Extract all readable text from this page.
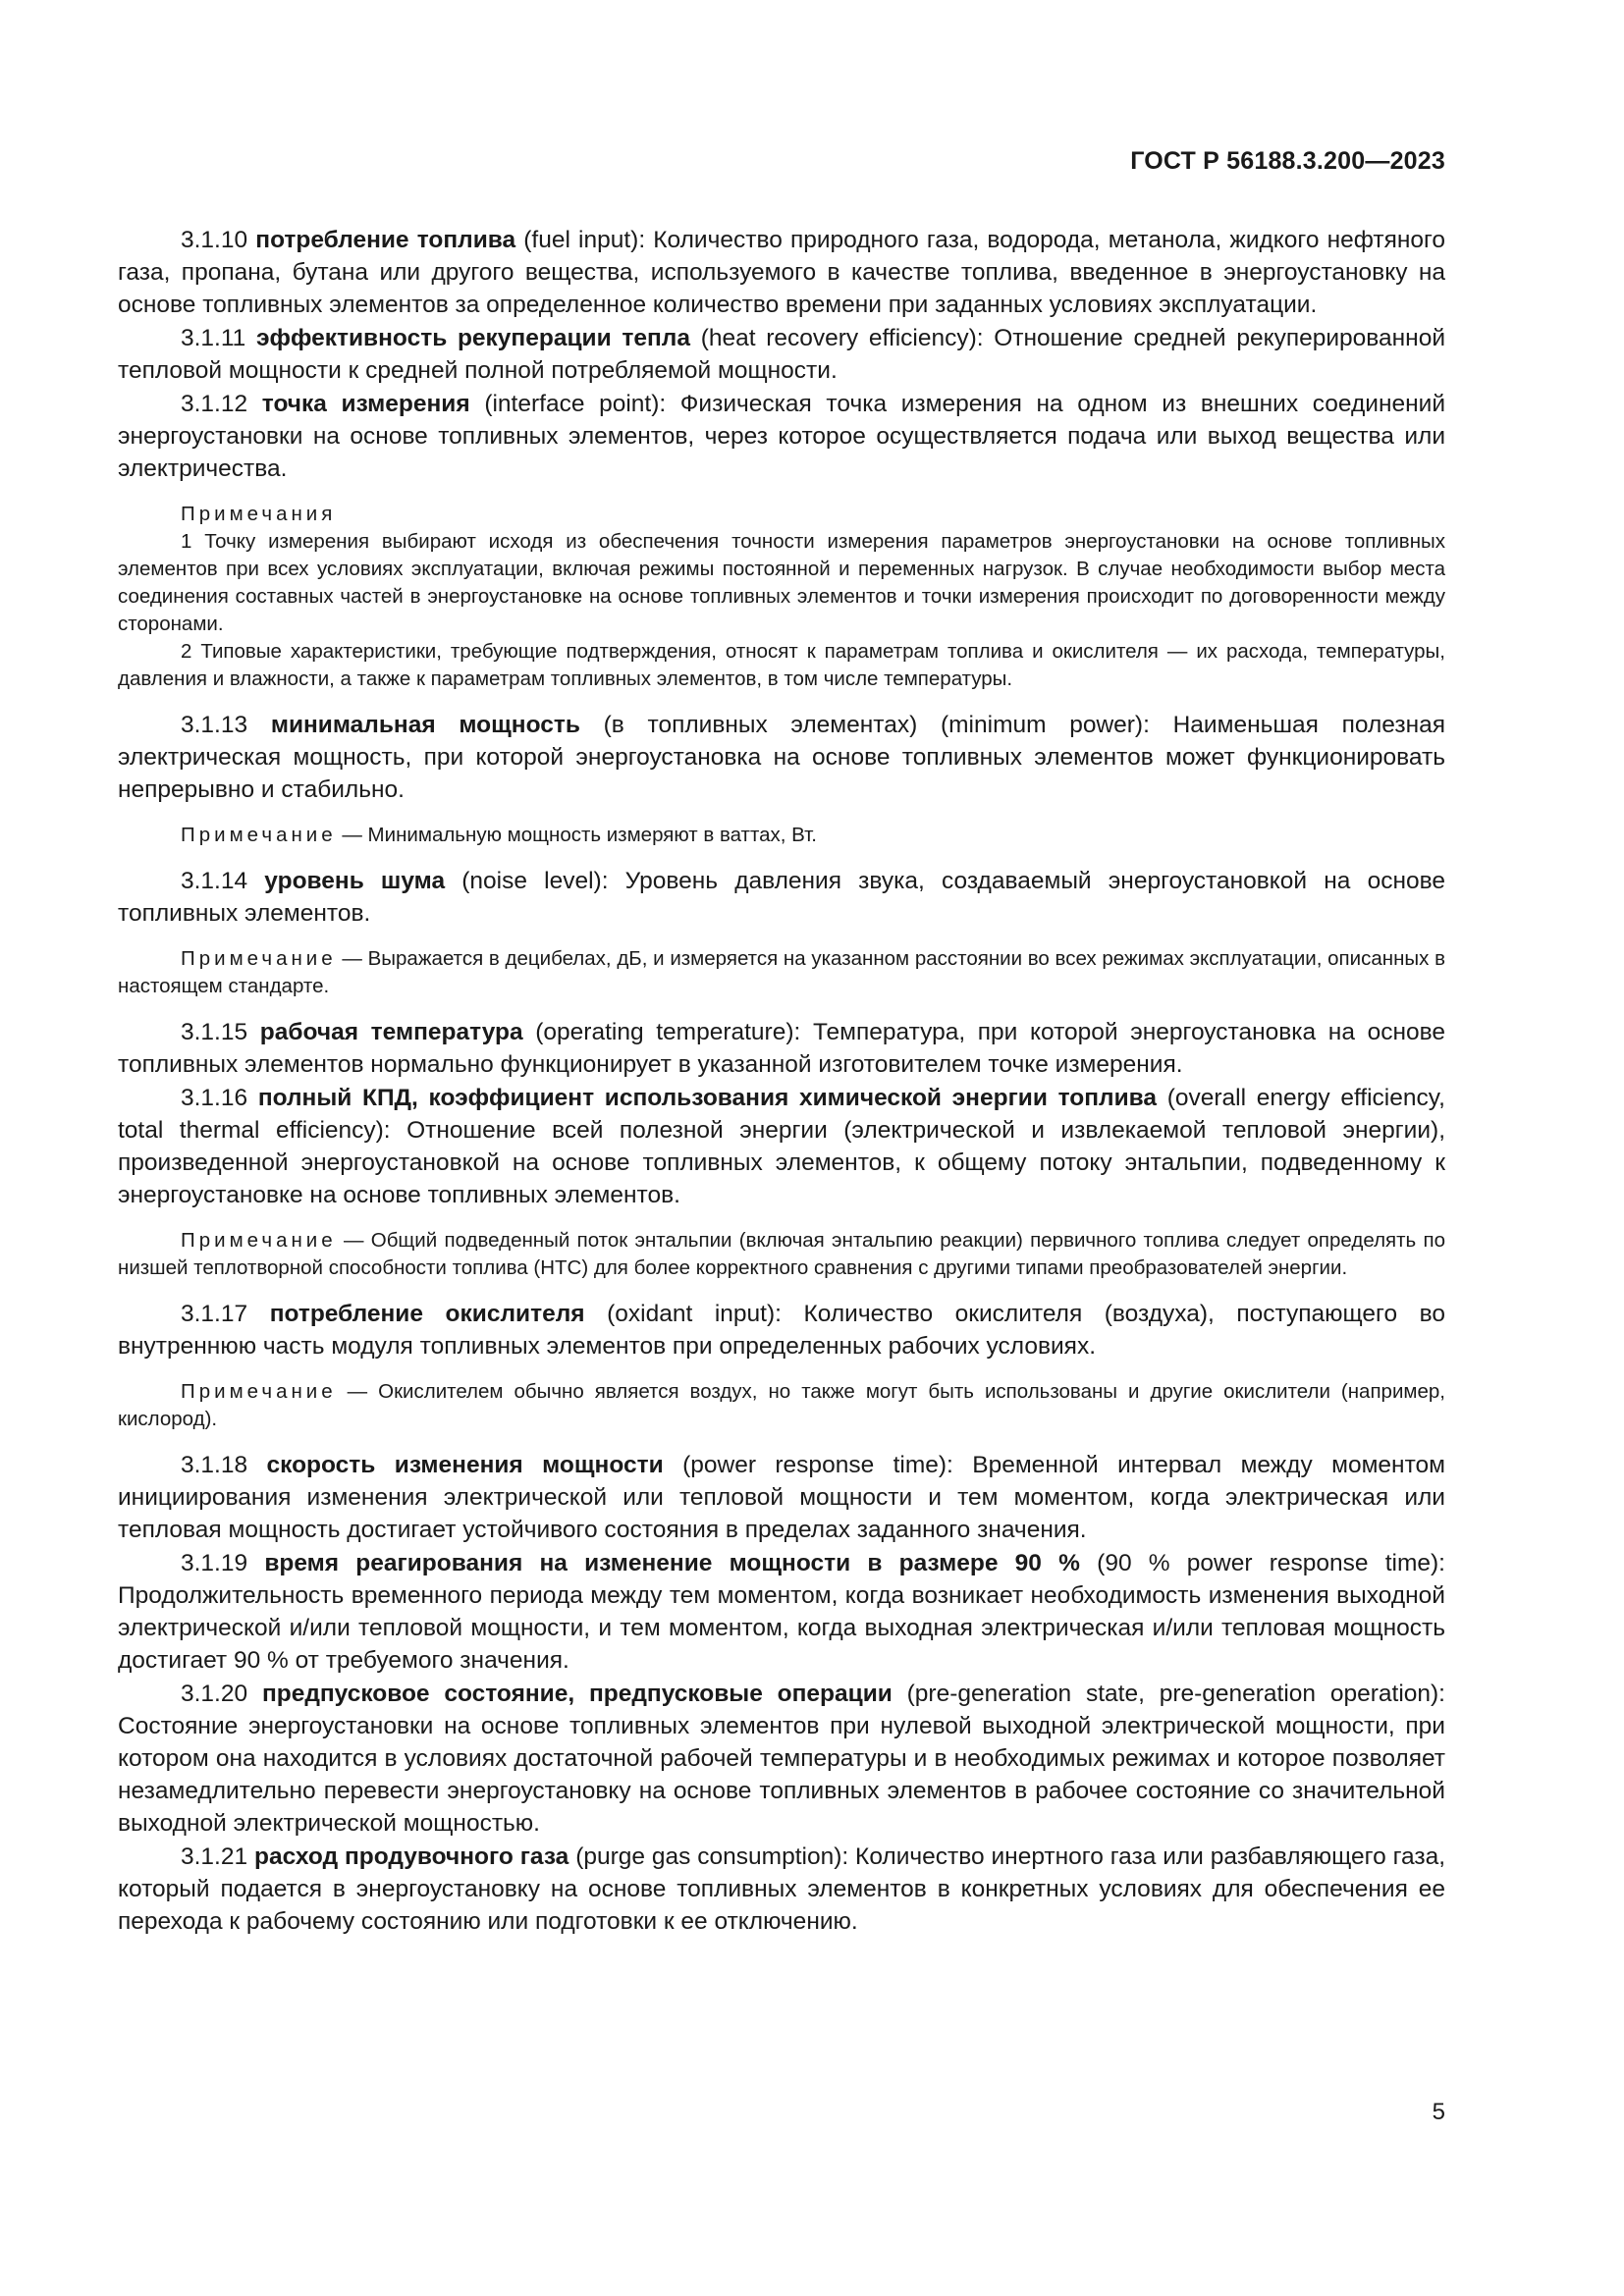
ГОСТ Р 56188.3.200—2023

3.1.10 потребление топлива (fuel input): Количество природного газа, водорода, метанола, жидкого нефтяного газа, пропана, бутана или другого вещества, используемого в качестве топлива, введенное в энергоустановку на основе топливных элементов за определенное количество времени при заданных условиях эксплуатации.

3.1.11 эффективность рекуперации тепла (heat recovery efficiency): Отношение средней рекуперированной тепловой мощности к средней полной потребляемой мощности.

3.1.12 точка измерения (interface point): Физическая точка измерения на одном из внешних соединений энергоустановки на основе топливных элементов, через которое осуществляется подача или выход вещества или электричества.

Примечания

1 Точку измерения выбирают исходя из обеспечения точности измерения параметров энергоустановки на основе топливных элементов при всех условиях эксплуатации, включая режимы постоянной и переменных нагрузок. В случае необходимости выбор места соединения составных частей в энергоустановке на основе топливных элементов и точки измерения происходит по договоренности между сторонами.

2 Типовые характеристики, требующие подтверждения, относят к параметрам топлива и окислителя — их расхода, температуры, давления и влажности, а также к параметрам топливных элементов, в том числе температуры.

3.1.13 минимальная мощность (в топливных элементах) (minimum power): Наименьшая полезная электрическая мощность, при которой энергоустановка на основе топливных элементов может функционировать непрерывно и стабильно.

Примечание — Минимальную мощность измеряют в ваттах, Вт.

3.1.14 уровень шума (noise level): Уровень давления звука, создаваемый энергоустановкой на основе топливных элементов.

Примечание — Выражается в децибелах, дБ, и измеряется на указанном расстоянии во всех режимах эксплуатации, описанных в настоящем стандарте.

3.1.15 рабочая температура (operating temperature): Температура, при которой энергоустановка на основе топливных элементов нормально функционирует в указанной изготовителем точке измерения.

3.1.16 полный КПД, коэффициент использования химической энергии топлива (overall energy efficiency, total thermal efficiency): Отношение всей полезной энергии (электрической и извлекаемой тепловой энергии), произведенной энергоустановкой на основе топливных элементов, к общему потоку энтальпии, подведенному к энергоустановке на основе топливных элементов.

Примечание — Общий подведенный поток энтальпии (включая энтальпию реакции) первичного топлива следует определять по низшей теплотворной способности топлива (НТС) для более корректного сравнения с другими типами преобразователей энергии.

3.1.17 потребление окислителя (oxidant input): Количество окислителя (воздуха), поступающего во внутреннюю часть модуля топливных элементов при определенных рабочих условиях.

Примечание — Окислителем обычно является воздух, но также могут быть использованы и другие окислители (например, кислород).

3.1.18 скорость изменения мощности (power response time): Временной интервал между моментом инициирования изменения электрической или тепловой мощности и тем моментом, когда электрическая или тепловая мощность достигает устойчивого состояния в пределах заданного значения.

3.1.19 время реагирования на изменение мощности в размере 90 % (90 % power response time): Продолжительность временного периода между тем моментом, когда возникает необходимость изменения выходной электрической и/или тепловой мощности, и тем моментом, когда выходная электрическая и/или тепловая мощность достигает 90 % от требуемого значения.

3.1.20 предпусковое состояние, предпусковые операции (pre-generation state, pre-generation operation): Состояние энергоустановки на основе топливных элементов при нулевой выходной электрической мощности, при котором она находится в условиях достаточной рабочей температуры и в необходимых режимах и которое позволяет незамедлительно перевести энергоустановку на основе топливных элементов в рабочее состояние со значительной выходной электрической мощностью.

3.1.21 расход продувочного газа (purge gas consumption): Количество инертного газа или разбавляющего газа, который подается в энергоустановку на основе топливных элементов в конкретных условиях для обеспечения ее перехода к рабочему состоянию или подготовки к ее отключению.

5
